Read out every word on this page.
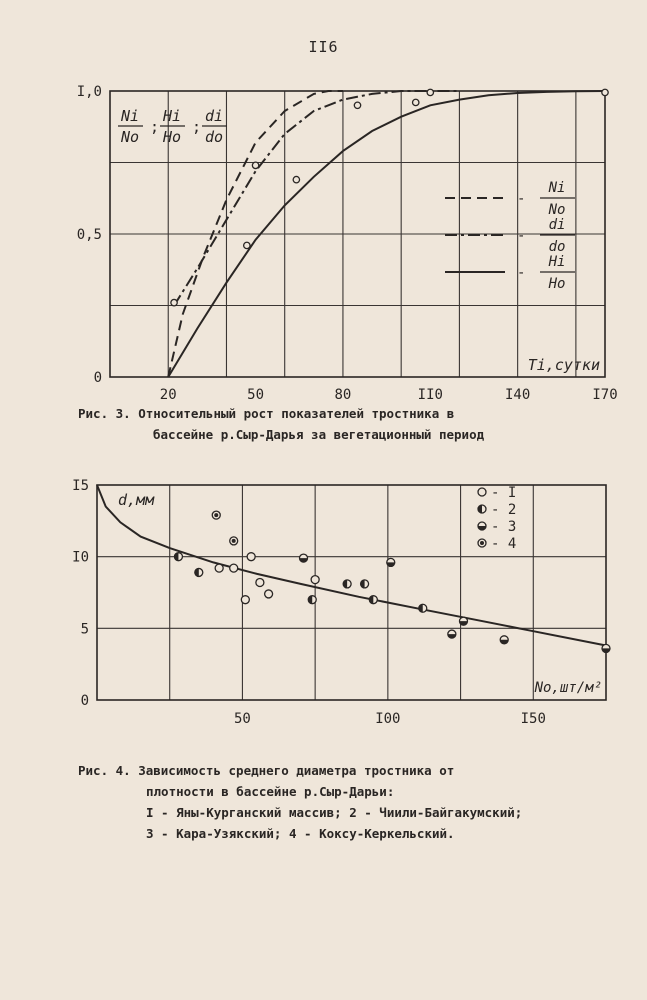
II6
20	50	80	II0	I40	I70
0
0,5
I,0
Ni
No
;
Hi
Ho
;
di
do
Ti,сутки
-
Ni
No
-
di
do
-
Hi
Ho
Рис. 3. Относительный рост показателей тростника в
бассейне р.Сыр-Дарья за вегетационный период
50	I00	I50
0
5
I0
I5
d,мм
No,шт/м²
- I
- 2
- 3
- 4
Рис. 4. Зависимость среднего диаметра тростника от
плотности в бассейне р.Сыр-Дарьи:
I - Яны-Курганский массив; 2 - Чиили-Байгакумский;
3 - Кара-Узякский; 4 - Коксу-Керкельский.
